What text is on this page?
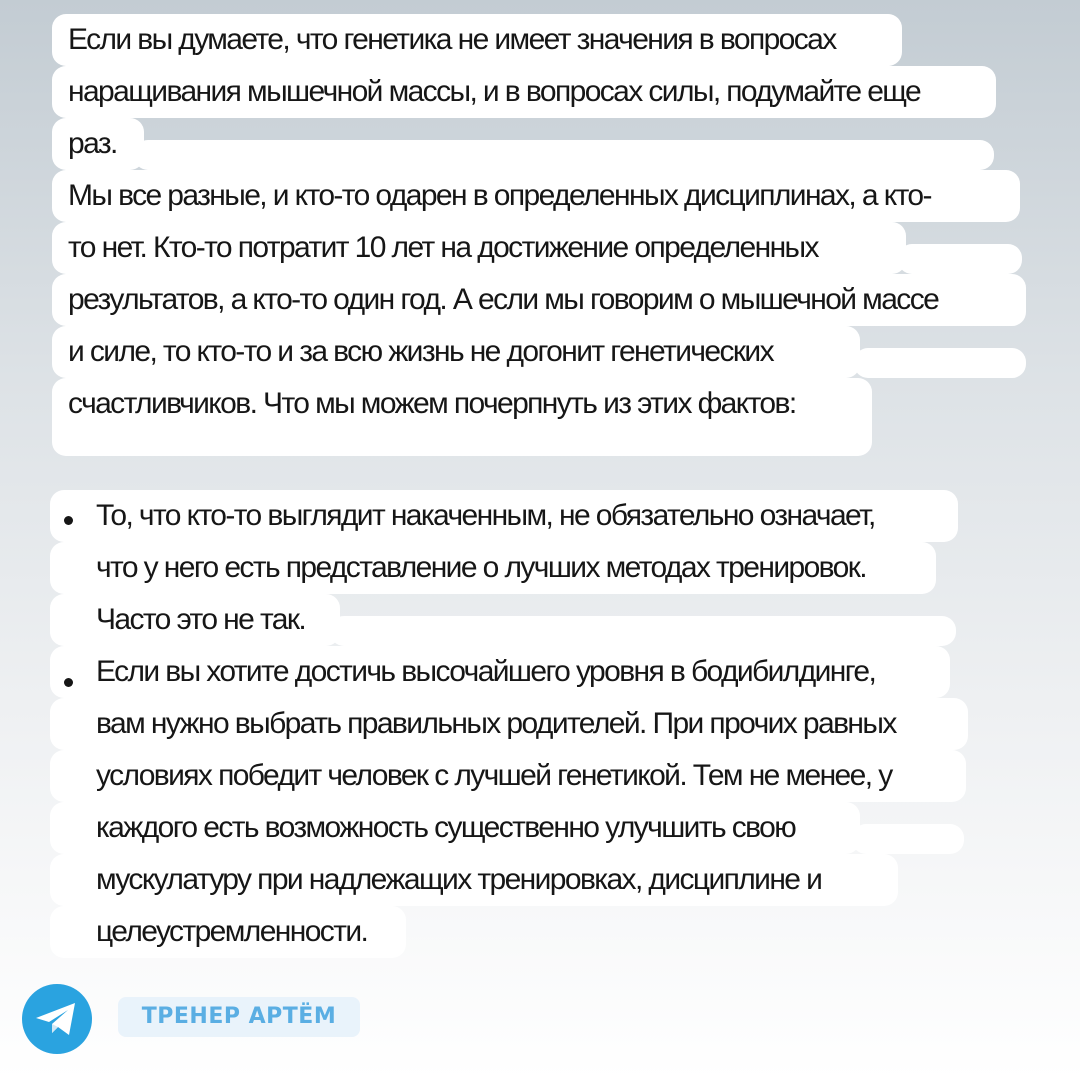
Если вы думаете, что генетика не имеет значения в вопросах
наращивания мышечной массы, и в вопросах силы, подумайте еще
раз.
Мы все разные, и кто-то одарен в определенных дисциплинах, а кто-
то нет. Кто-то потратит 10 лет на достижение определенных
результатов, а кто-то один год. А если мы говорим о мышечной массе
и силе, то кто-то и за всю жизнь не догонит генетических
счастливчиков. Что мы можем почерпнуть из этих фактов:
То, что кто-то выглядит накаченным, не обязательно означает,
что у него есть представление о лучших методах тренировок.
Часто это не так.
Если вы хотите достичь высочайшего уровня в бодибилдинге,
вам нужно выбрать правильных родителей. При прочих равных
условиях победит человек с лучшей генетикой. Тем не менее, у
каждого есть возможность существенно улучшить свою
мускулатуру при надлежащих тренировках, дисциплине и
целеустремленности.
ТРЕНЕР АРТЁМ
